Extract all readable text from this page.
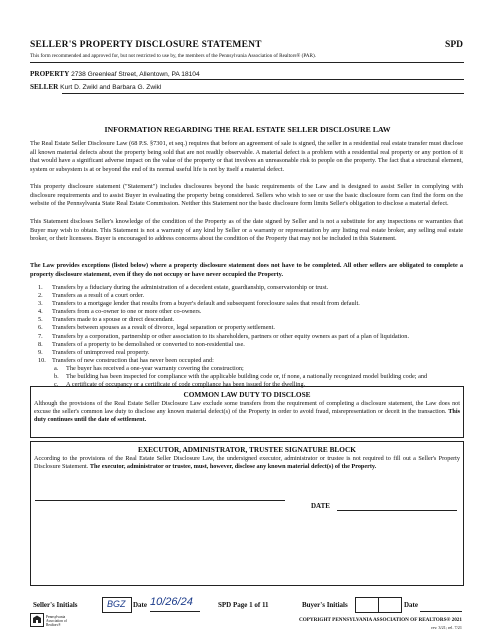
SELLER'S PROPERTY DISCLOSURE STATEMENT	SPD
This form recommended and approved for, but not restricted to use by, the members of the Pennsylvania Association of Realtors® (PAR).
PROPERTY 2738 Greenleaf Street, Allentown, PA 18104
SELLER Kurt D. Zwikl and Barbara G. Zwikl
INFORMATION REGARDING THE REAL ESTATE SELLER DISCLOSURE LAW
The Real Estate Seller Disclosure Law (68 P.S. §7301, et seq.) requires that before an agreement of sale is signed, the seller in a residential real estate transfer must disclose all known material defects about the property being sold that are not readily observable. A material defect is a problem with a residential real property or any portion of it that would have a significant adverse impact on the value of the property or that involves an unreasonable risk to people on the property. The fact that a structural element, system or subsystem is at or beyond the end of its normal useful life is not by itself a material defect.
This property disclosure statement ("Statement") includes disclosures beyond the basic requirements of the Law and is designed to assist Seller in complying with disclosure requirements and to assist Buyer in evaluating the property being considered. Sellers who wish to see or use the basic disclosure form can find the form on the website of the Pennsylvania State Real Estate Commission. Neither this Statement nor the basic disclosure form limits Seller's obligation to disclose a material defect.
This Statement discloses Seller's knowledge of the condition of the Property as of the date signed by Seller and is not a substitute for any inspections or warranties that Buyer may wish to obtain. This Statement is not a warranty of any kind by Seller or a warranty or representation by any listing real estate broker, any selling real estate broker, or their licensees. Buyer is encouraged to address concerns about the condition of the Property that may not be included in this Statement.
The Law provides exceptions (listed below) where a property disclosure statement does not have to be completed. All other sellers are obligated to complete a property disclosure statement, even if they do not occupy or have never occupied the Property.
1. Transfers by a fiduciary during the administration of a decedent estate, guardianship, conservatorship or trust.
2. Transfers as a result of a court order.
3. Transfers to a mortgage lender that results from a buyer's default and subsequent foreclosure sales that result from default.
4. Transfers from a co-owner to one or more other co-owners.
5. Transfers made to a spouse or direct descendant.
6. Transfers between spouses as a result of divorce, legal separation or property settlement.
7. Transfers by a corporation, partnership or other association to its shareholders, partners or other equity owners as part of a plan of liquidation.
8. Transfers of a property to be demolished or converted to non-residential use.
9. Transfers of unimproved real property.
10. Transfers of new construction that has never been occupied and:
a. The buyer has received a one-year warranty covering the construction;
b. The building has been inspected for compliance with the applicable building code or, if none, a nationally recognized model building code; and
c. A certificate of occupancy or a certificate of code compliance has been issued for the dwelling.
COMMON LAW DUTY TO DISCLOSE
Although the provisions of the Real Estate Seller Disclosure Law exclude some transfers from the requirement of completing a disclosure statement, the Law does not excuse the seller's common law duty to disclose any known material defect(s) of the Property in order to avoid fraud, misrepresentation or deceit in the transaction. This duty continues until the date of settlement.
EXECUTOR, ADMINISTRATOR, TRUSTEE SIGNATURE BLOCK
According to the provisions of the Real Estate Seller Disclosure Law, the undersigned executor, administrator or trustee is not required to fill out a Seller's Property Disclosure Statement. The executor, administrator or trustee, must, however, disclose any known material defect(s) of the Property.
DATE
Seller's Initials	BGZ Date 10/26/24	SPD Page 1 of 11	Buyer's Initials	Date
Pennsylvania Association of Realtors®
COPYRIGHT PENNSYLVANIA ASSOCIATION OF REALTORS® 2021
rev. 3/21; rel. 7/21
